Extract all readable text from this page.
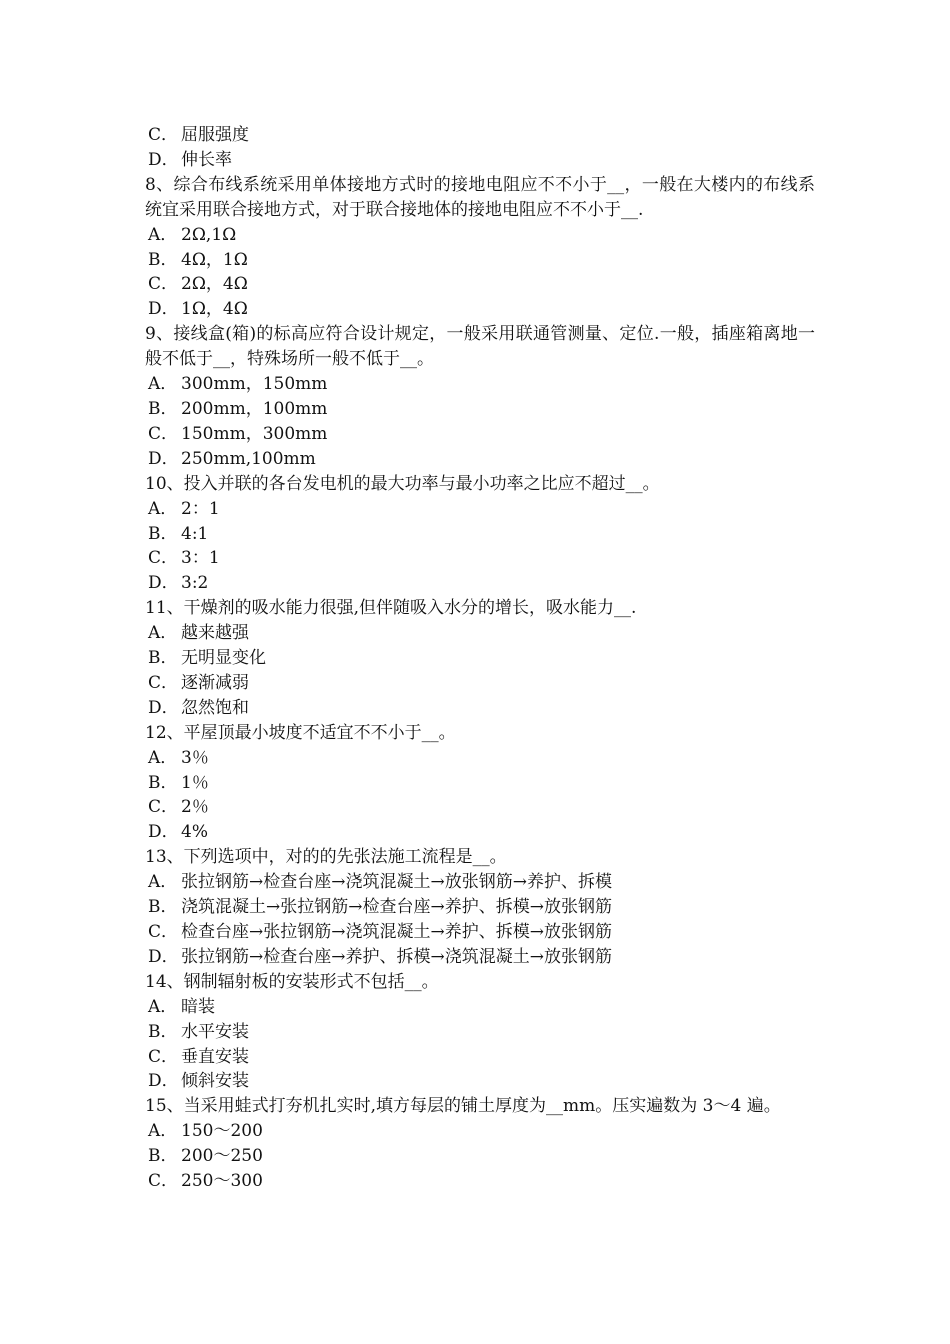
C． 屈服强度
D． 伸长率
8、综合布线系统采用单体接地方式时的接地电阻应不不小于__，一般在大楼内的布线系统宜采用联合接地方式，对于联合接地体的接地电阻应不不小于__.
A． 2Ω,1Ω
B． 4Ω，1Ω
C． 2Ω，4Ω
D． 1Ω，4Ω
9、接线盒(箱)的标高应符合设计规定，一般采用联通管测量、定位.一般，插座箱离地一般不低于__，特殊场所一般不低于__。
A． 300mm，150mm
B． 200mm，100mm
C． 150mm，300mm
D． 250mm,100mm
10、投入并联的各台发电机的最大功率与最小功率之比应不超过__。
A． 2：1
B． 4:1
C． 3：1
D． 3:2
11、干燥剂的吸水能力很强,但伴随吸入水分的增长，吸水能力__.
A． 越来越强
B． 无明显变化
C． 逐渐减弱
D． 忽然饱和
12、平屋顶最小坡度不适宜不不小于__。
A． 3％
B． 1％
C． 2％
D． 4%
13、下列选项中，对的的先张法施工流程是__。
A． 张拉钢筋→检查台座→浇筑混凝土→放张钢筋→养护、拆模
B． 浇筑混凝土→张拉钢筋→检查台座→养护、拆模→放张钢筋
C． 检查台座→张拉钢筋→浇筑混凝土→养护、拆模→放张钢筋
D． 张拉钢筋→检查台座→养护、拆模→浇筑混凝土→放张钢筋
14、钢制辐射板的安装形式不包括__。
A． 暗装
B． 水平安装
C． 垂直安装
D． 倾斜安装
15、当采用蛙式打夯机扎实时,填方每层的铺土厚度为__mm。压实遍数为 3～4 遍。
A． 150～200
B． 200～250
C． 250～300
